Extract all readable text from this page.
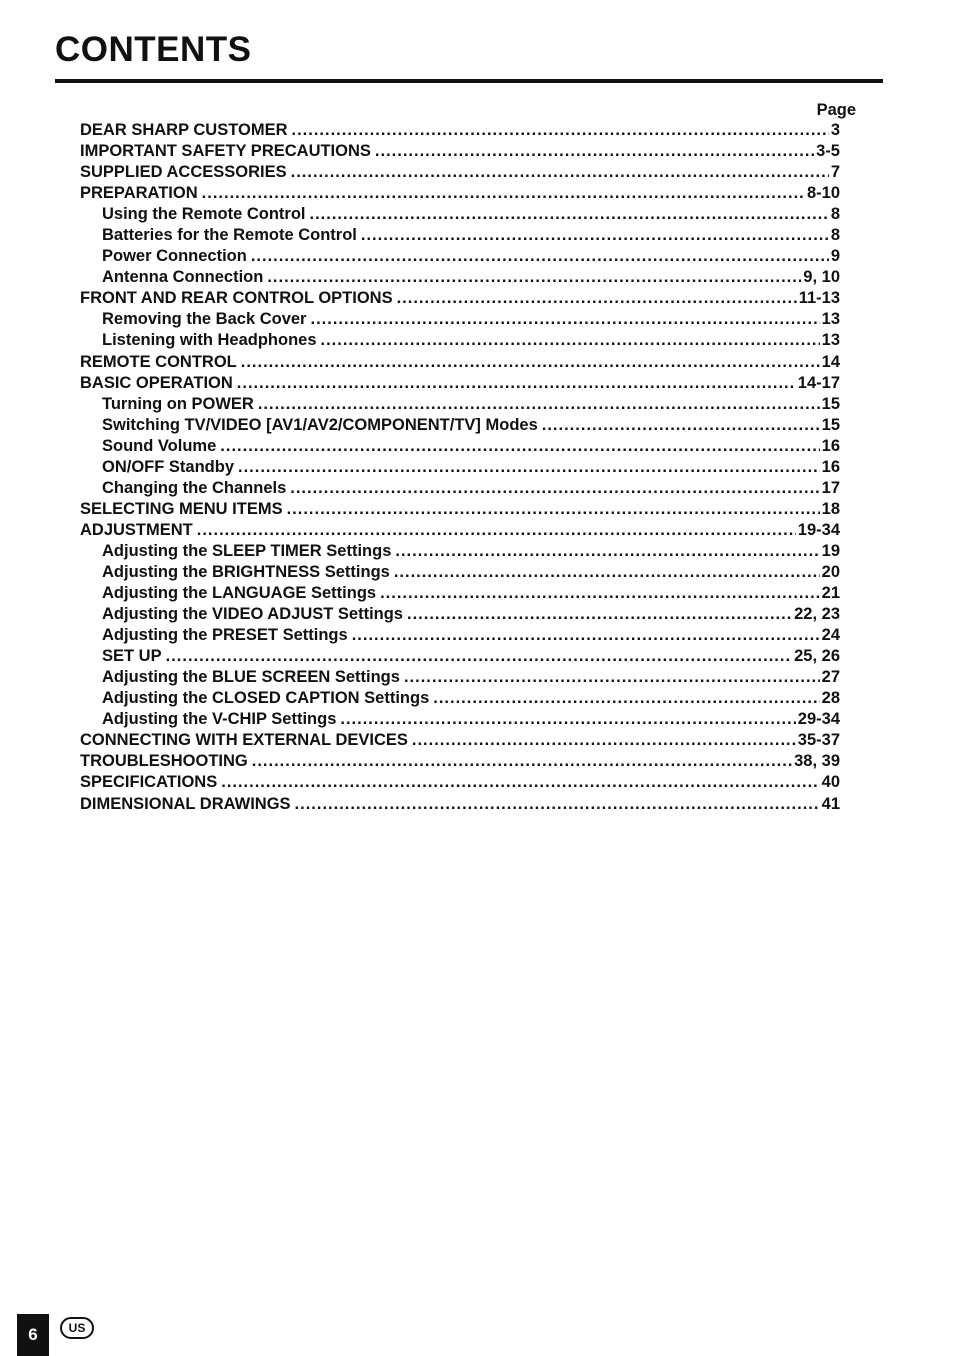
CONTENTS
Page
DEAR SHARP CUSTOMER .....	3
IMPORTANT SAFETY PRECAUTIONS .....	3-5
SUPPLIED ACCESSORIES .....	7
PREPARATION .....	8-10
Using the Remote Control .....	8
Batteries for the Remote Control .....	8
Power Connection .....	9
Antenna Connection .....	9, 10
FRONT AND REAR CONTROL OPTIONS .....	11-13
Removing the Back Cover .....	13
Listening with Headphones .....	13
REMOTE CONTROL .....	14
BASIC OPERATION .....	14-17
Turning on POWER .....	15
Switching TV/VIDEO [AV1/AV2/COMPONENT/TV] Modes .....	15
Sound Volume .....	16
ON/OFF Standby .....	16
Changing the Channels .....	17
SELECTING MENU ITEMS .....	18
ADJUSTMENT .....	19-34
Adjusting the SLEEP TIMER Settings .....	19
Adjusting the BRIGHTNESS Settings .....	20
Adjusting the LANGUAGE Settings .....	21
Adjusting the VIDEO ADJUST Settings .....	22, 23
Adjusting the PRESET Settings .....	24
SET UP .....	25, 26
Adjusting the BLUE SCREEN Settings .....	27
Adjusting the CLOSED CAPTION Settings .....	28
Adjusting the V-CHIP Settings .....	29-34
CONNECTING WITH EXTERNAL DEVICES .....	35-37
TROUBLESHOOTING .....	38, 39
SPECIFICATIONS .....	40
DIMENSIONAL DRAWINGS .....	41
6	US
